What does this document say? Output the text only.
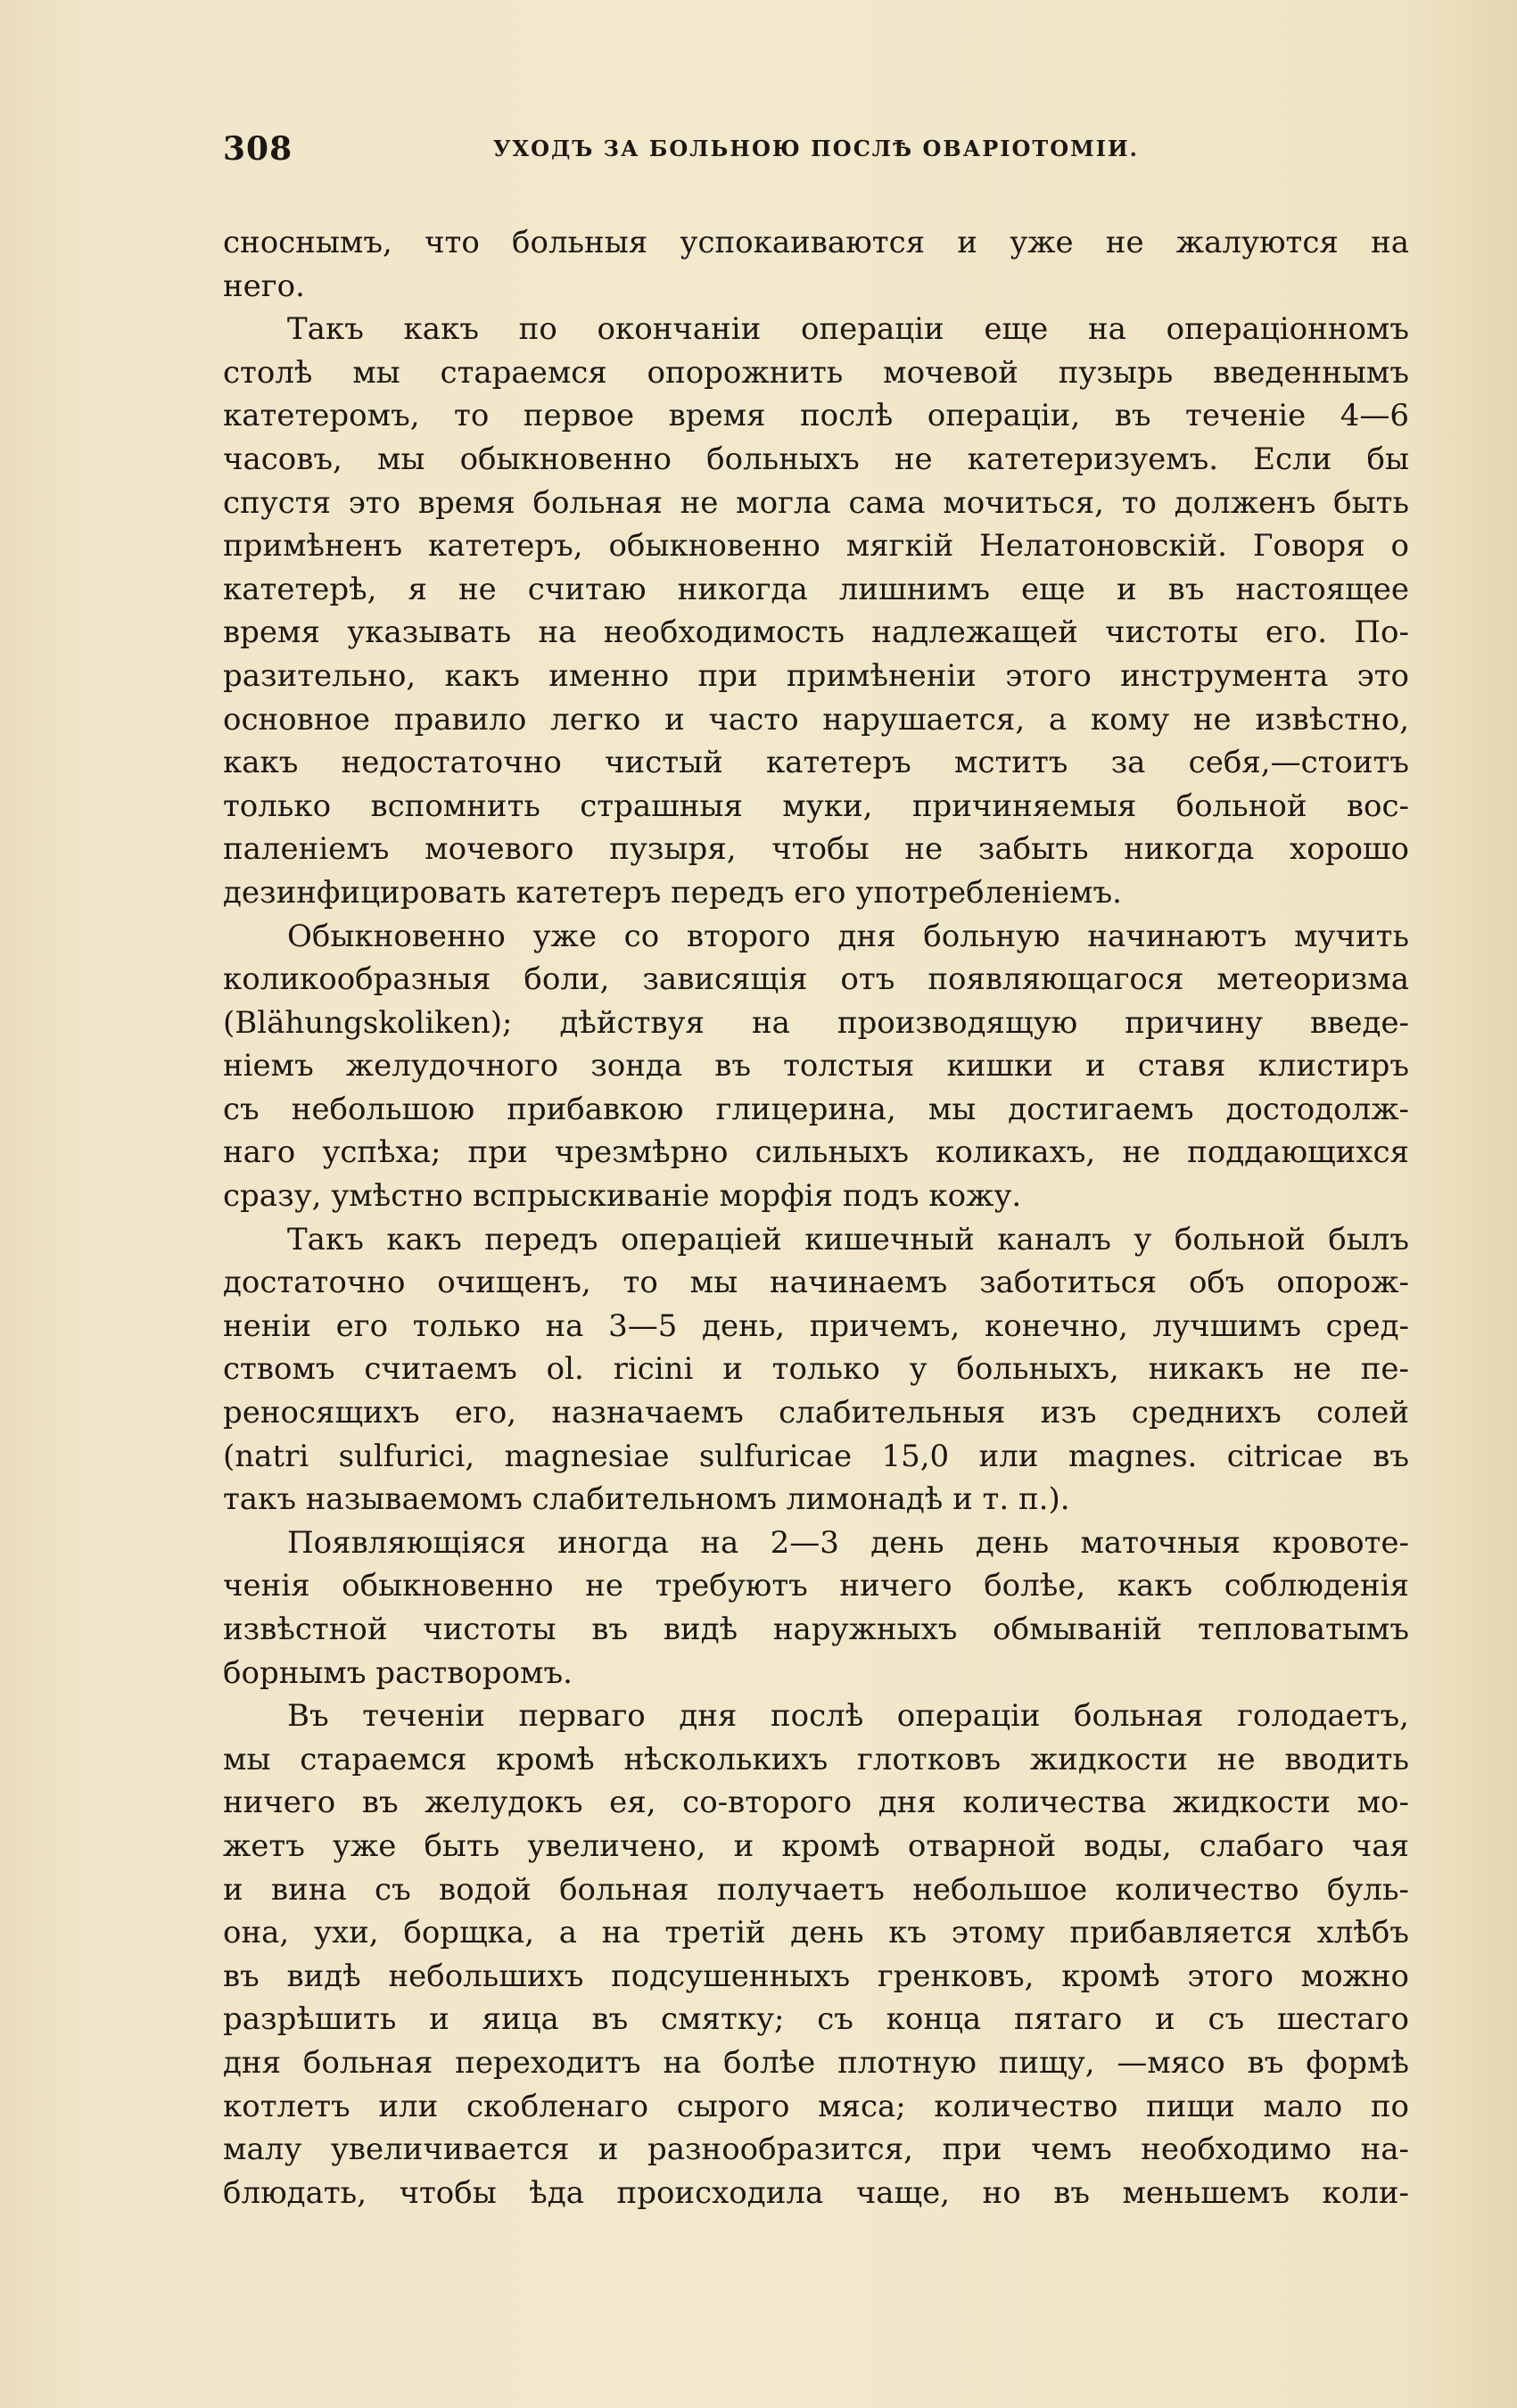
308	УХОДЪ ЗА БОЛЬНОЮ ПОСЛѢ ОВАРІОТОМІИ.
сноснымъ, что больныя успокаиваются и уже не жалуются на
него.
Такъ какъ по окончаніи операціи еще на операціонномъ
столѣ мы стараемся опорожнить мочевой пузырь введеннымъ
катетеромъ, то первое время послѣ операціи, въ теченіе 4—6
часовъ, мы обыкновенно больныхъ не катетеризуемъ. Если бы
спустя это время больная не могла сама мочиться, то долженъ быть
примѣненъ катетеръ, обыкновенно мягкій Нелатоновскій. Говоря о
катетерѣ, я не считаю никогда лишнимъ еще и въ настоящее
время указывать на необходимость надлежащей чистоты его. По-
разительно, какъ именно при примѣненіи этого инструмента это
основное правило легко и часто нарушается, а кому не извѣстно,
какъ недостаточно чистый катетеръ мститъ за себя,—стоитъ
только вспомнить страшныя муки, причиняемыя больной вос-
паленіемъ мочевого пузыря, чтобы не забыть никогда хорошо
дезинфицировать катетеръ передъ его употребленіемъ.
Обыкновенно уже со второго дня больную начинаютъ мучить
коликообразныя боли, зависящія отъ появляющагося метеоризма
(Blähungskoliken); дѣйствуя на производящую причину введе-
ніемъ желудочного зонда въ толстыя кишки и ставя клистиръ
съ небольшою прибавкою глицерина, мы достигаемъ достодолж-
наго успѣха; при чрезмѣрно сильныхъ коликахъ, не поддающихся
сразу, умѣстно вспрыскиваніе морфія подъ кожу.
Такъ какъ передъ операціей кишечный каналъ у больной былъ
достаточно очищенъ, то мы начинаемъ заботиться объ опорож-
неніи его только на 3—5 день, причемъ, конечно, лучшимъ сред-
ствомъ считаемъ ol. ricini и только у больныхъ, никакъ не пе-
реносящихъ его, назначаемъ слабительныя изъ среднихъ солей
(natri sulfurici, magnesiae sulfuricae 15,0 или magnes. citricae въ
такъ называемомъ слабительномъ лимонадѣ и т. п.).
Появляющіяся иногда на 2—3 день день маточныя кровоте-
ченія обыкновенно не требуютъ ничего болѣе, какъ соблюденія
извѣстной чистоты въ видѣ наружныхъ обмываній тепловатымъ
борнымъ растворомъ.
Въ теченіи перваго дня послѣ операціи больная голодаетъ,
мы стараемся кромѣ нѣсколькихъ глотковъ жидкости не вводить
ничего въ желудокъ ея, со-второго дня количества жидкости мо-
жетъ уже быть увеличено, и кромѣ отварной воды, слабаго чая
и вина съ водой больная получаетъ небольшое количество буль-
она, ухи, борщка, а на третій день къ этому прибавляется хлѣбъ
въ видѣ небольшихъ подсушенныхъ гренковъ, кромѣ этого можно
разрѣшить и яица въ смятку; съ конца пятаго и съ шестаго
дня больная переходитъ на болѣе плотную пищу, —мясо въ формѣ
котлетъ или скобленаго сырого мяса; количество пищи мало по
малу увеличивается и разнообразится, при чемъ необходимо на-
блюдать, чтобы ѣда происходила чаще, но въ меньшемъ коли-
